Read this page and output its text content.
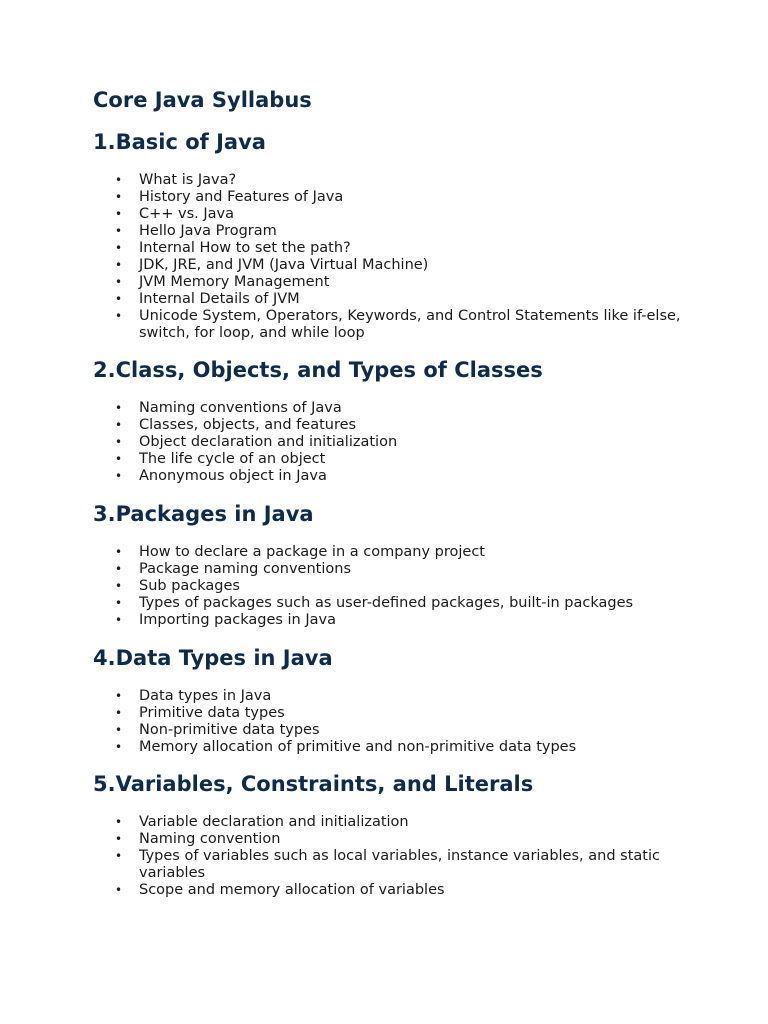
Core Java Syllabus
1.Basic of Java
• What is Java?
• History and Features of Java
• C++ vs. Java
• Hello Java Program
• Internal How to set the path?
• JDK, JRE, and JVM (Java Virtual Machine)
• JVM Memory Management
• Internal Details of JVM
• Unicode System, Operators, Keywords, and Control Statements like if-else, switch, for loop, and while loop
2.Class, Objects, and Types of Classes
• Naming conventions of Java
• Classes, objects, and features
• Object declaration and initialization
• The life cycle of an object
• Anonymous object in Java
3.Packages in Java
• How to declare a package in a company project
• Package naming conventions
• Sub packages
• Types of packages such as user-defined packages, built-in packages
• Importing packages in Java
4.Data Types in Java
• Data types in Java
• Primitive data types
• Non-primitive data types
• Memory allocation of primitive and non-primitive data types
5.Variables, Constraints, and Literals
• Variable declaration and initialization
• Naming convention
• Types of variables such as local variables, instance variables, and static variables
• Scope and memory allocation of variables
